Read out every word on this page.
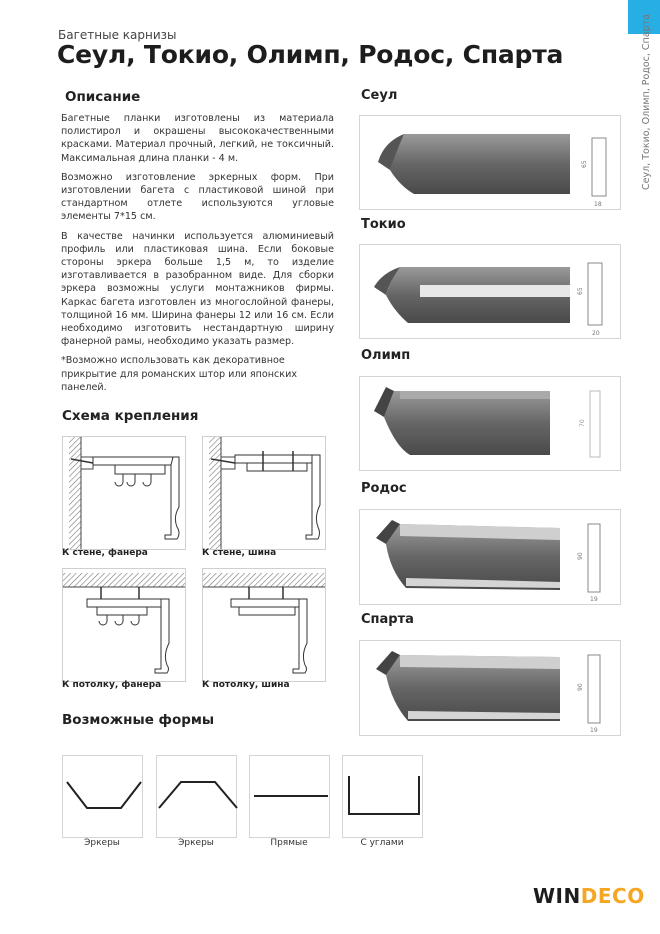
Сеул, Токио, Олимп, Родос, Спарта
Багетные карнизы
Сеул, Токио, Олимп, Родос, Спарта
Описание

Багетные планки изготовлены из материала полистирол и окрашены высококачественными красками. Материал прочный, легкий, не токсичный. Максимальная длина планки - 4 м.

Возможно изготовление эркерных форм. При изготовлении багета с пластиковой шиной при стандартном отлете используются угловые элементы 7*15 см.

В качестве начинки используется алюминиевый профиль или пластиковая шина. Если боковые стороны эркера больше 1,5 м, то изделие изготавливается в разобранном виде. Для сборки эркера возможны услуги монтажников фирмы. Каркас багета изготовлен из многослойной фанеры, толщиной 16 мм. Ширина фанеры 12 или 16 см. Если необходимо изготовить нестандартную ширину фанерной рамы, необходимо указать размер.

*Возможно использовать как декоративное прикрытие для романских штор или японских панелей.

Схема крепления
К стене, фанера	К стене, шина
К потолку, фанера	К потолку, шина
Возможные формы
Эркеры	Эркеры	Прямые	С углами
Сеул
65
18
Токио
65
20
Олимп
70
Родос
90
19
Спарта
90
19
WINDECO
